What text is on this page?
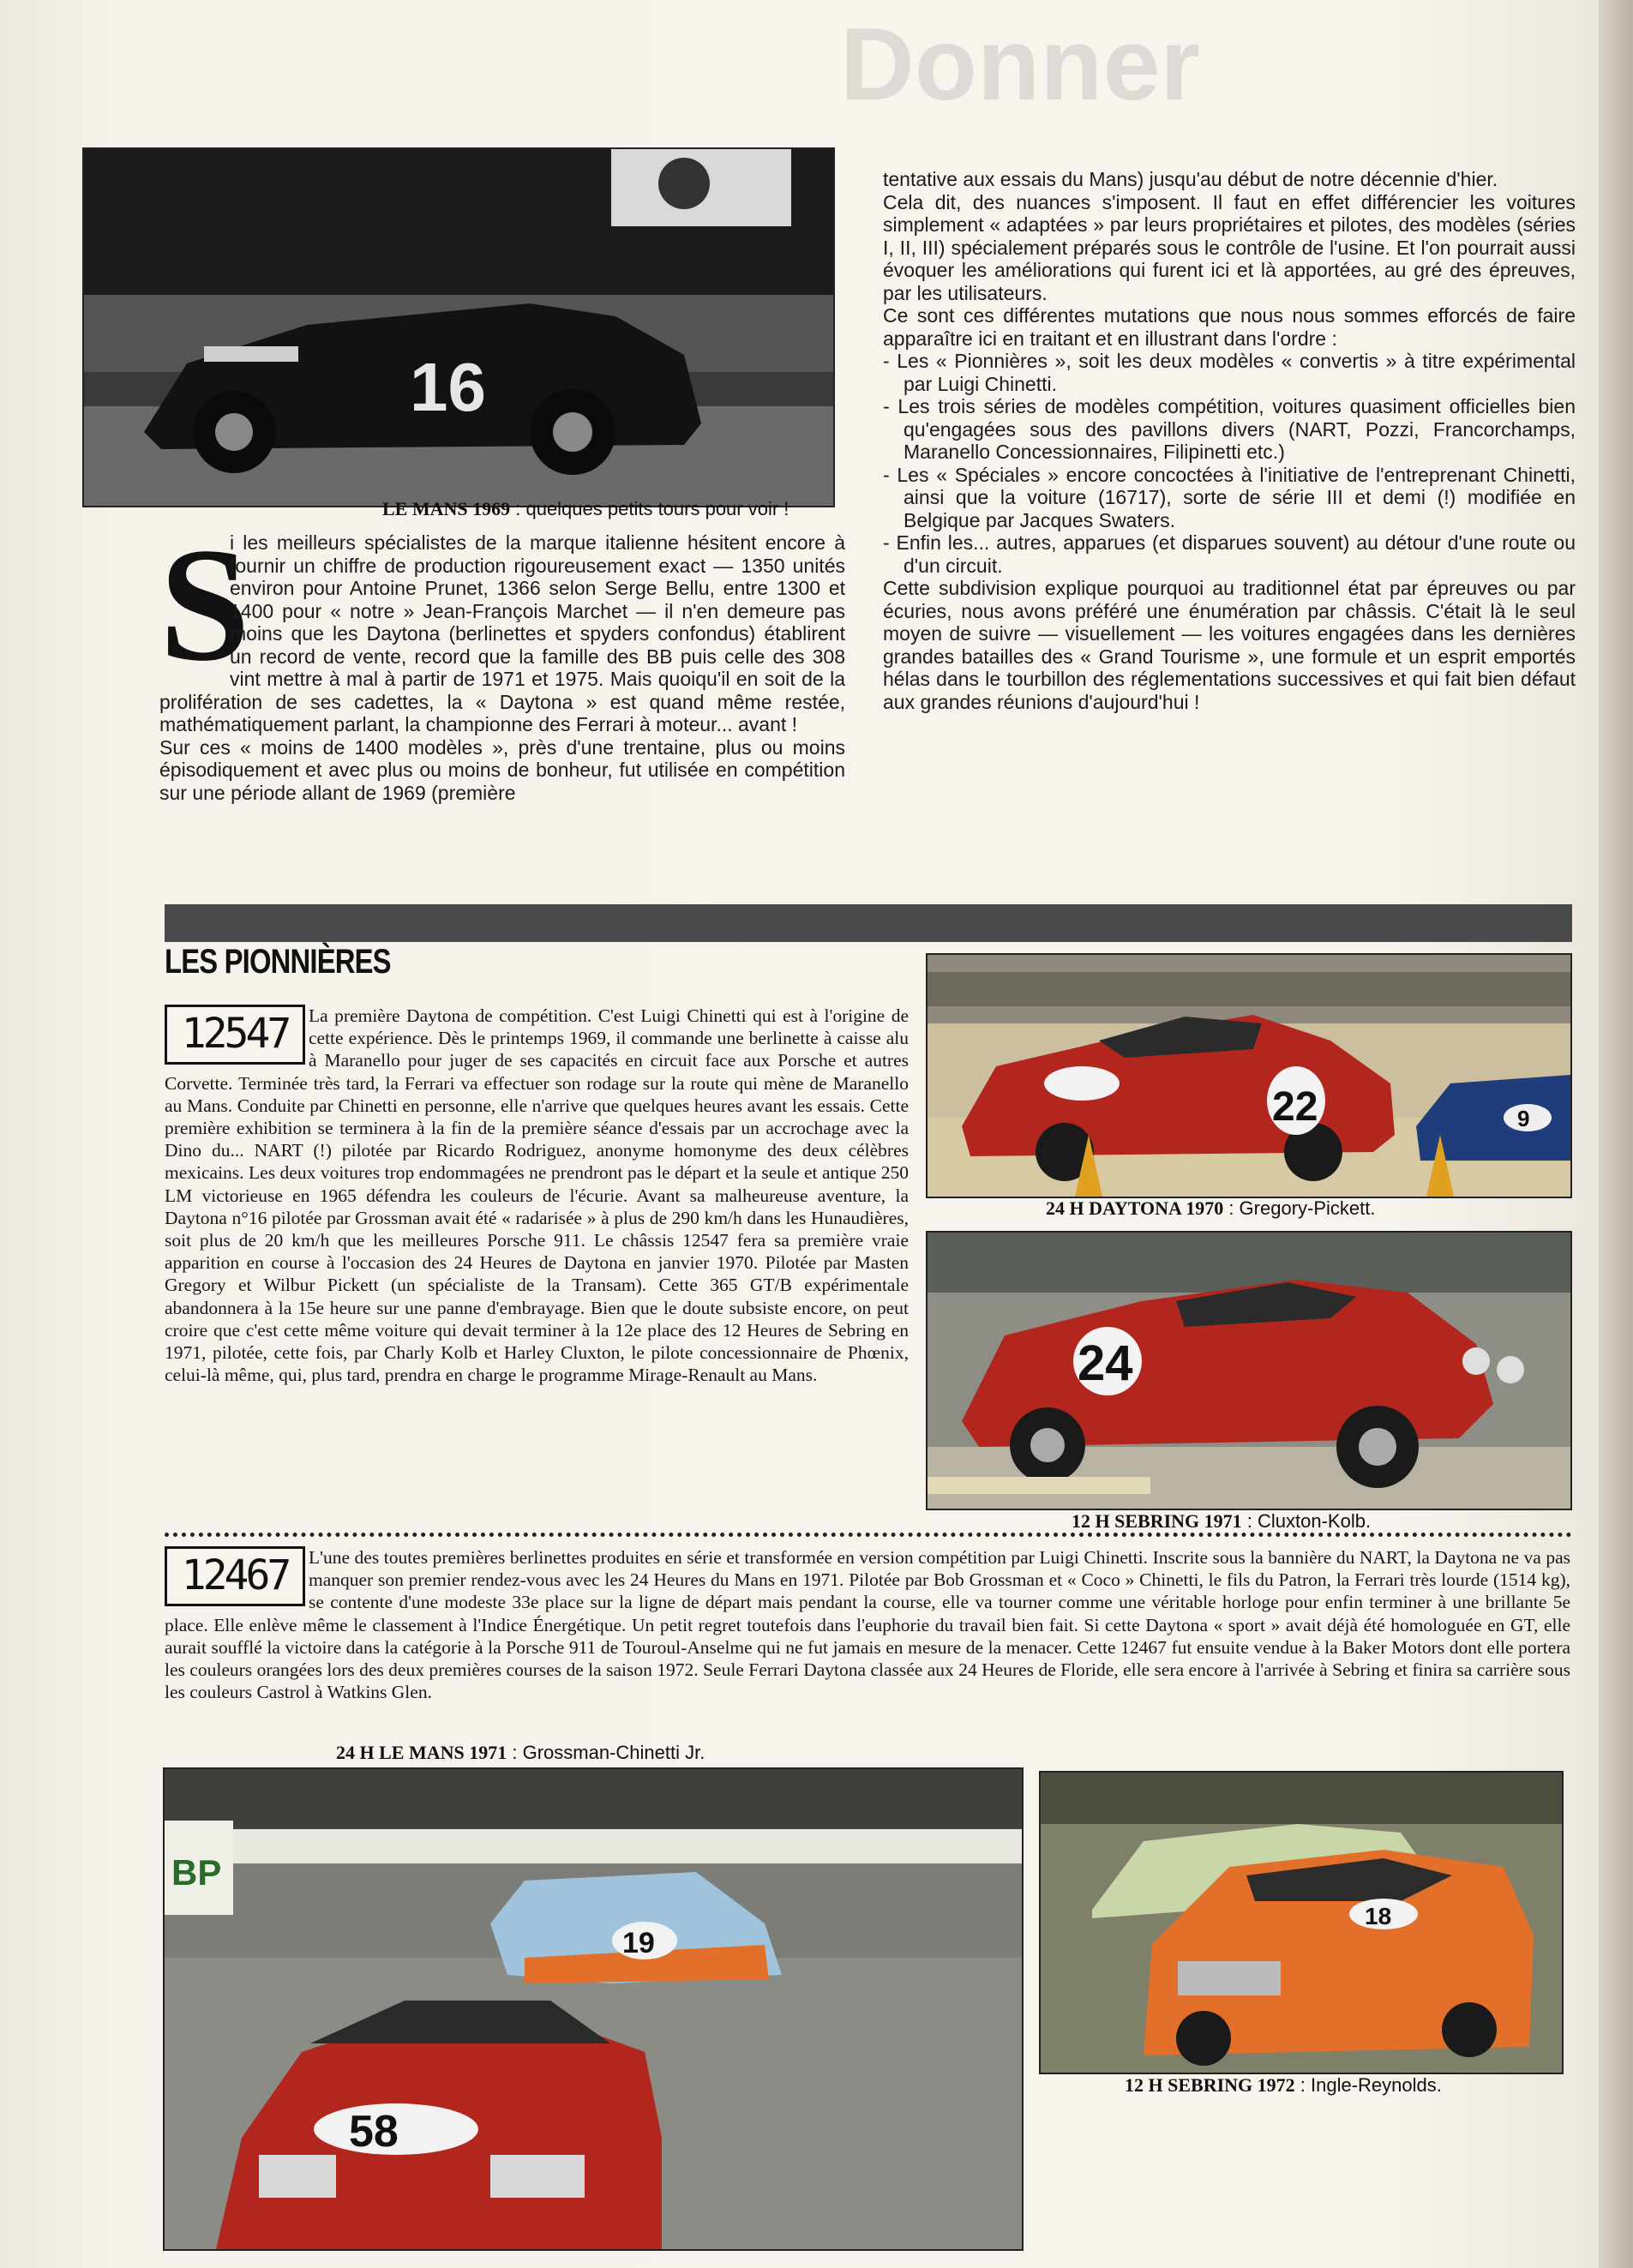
Donner
16
LE MANS 1969 : quelques petits tours pour voir !
S

i les meilleurs spécialistes de la marque italienne hésitent encore à fournir un chiffre de production rigoureusement exact — 1350 unités environ pour Antoine Prunet, 1366 selon Serge Bellu, entre 1300 et 1400 pour « notre » Jean-François Marchet — il n'en demeure pas moins que les Daytona (berlinettes et spyders confondus) établirent un record de vente, record que la famille des BB puis celle des 308 vint mettre à mal à partir de 1971 et 1975. Mais quoiqu'il en soit de la prolifération de ses cadettes, la « Daytona » est quand même restée, mathématiquement parlant, la championne des Ferrari à moteur... avant !

Sur ces « moins de 1400 modèles », près d'une trentaine, plus ou moins épisodiquement et avec plus ou moins de bonheur, fut utilisée en compétition sur une période allant de 1969 (première

tentative aux essais du Mans) jusqu'au début de notre décennie d'hier.

Cela dit, des nuances s'imposent. Il faut en effet différencier les voitures simplement « adaptées » par leurs propriétaires et pilotes, des modèles (séries I, II, III) spécialement préparés sous le contrôle de l'usine. Et l'on pourrait aussi évoquer les améliorations qui furent ici et là apportées, au gré des épreuves, par les utilisateurs.

Ce sont ces différentes mutations que nous nous sommes efforcés de faire apparaître ici en traitant et en illustrant dans l'ordre :

- Les « Pionnières », soit les deux modèles « convertis » à titre expérimental par Luigi Chinetti.

- Les trois séries de modèles compétition, voitures quasiment officielles bien qu'engagées sous des pavillons divers (NART, Pozzi, Francorchamps, Maranello Concessionnaires, Filipinetti etc.)

- Les « Spéciales » encore concoctées à l'initiative de l'entreprenant Chinetti, ainsi que la voiture (16717), sorte de série III et demi (!) modifiée en Belgique par Jacques Swaters.

- Enfin les... autres, apparues (et disparues souvent) au détour d'une route ou d'un circuit.

Cette subdivision explique pourquoi au traditionnel état par épreuves ou par écuries, nous avons préféré une énumération par châssis. C'était là le seul moyen de suivre — visuellement — les voitures engagées dans les dernières grandes batailles des « Grand Tourisme », une formule et un esprit emportés hélas dans le tourbillon des réglementations successives et qui fait bien défaut aux grandes réunions d'aujourd'hui !

LES PIONNIÈRES
12547	La première Daytona de compétition. C'est Luigi Chinetti qui est à l'origine de cette expérience. Dès le printemps 1969, il commande une berlinette à caisse alu à Maranello pour juger de ses capacités en circuit face aux Porsche et autres Corvette. Terminée très tard, la Ferrari va effectuer son rodage sur la route qui mène de Maranello au Mans. Conduite par Chinetti en personne, elle n'arrive que quelques heures avant les essais. Cette première exhibition se terminera à la fin de la première séance d'essais par un accrochage avec la Dino du... NART (!) pilotée par Ricardo Rodriguez, anonyme homonyme des deux célèbres mexicains. Les deux voitures trop endommagées ne prendront pas le départ et la seule et antique 250 LM victorieuse en 1965 défendra les couleurs de l'écurie. Avant sa malheureuse aventure, la Daytona n°16 pilotée par Grossman avait été « radarisée » à plus de 290 km/h dans les Hunaudières, soit plus de 20 km/h que les meilleures Porsche 911. Le châssis 12547 fera sa première vraie apparition en course à l'occasion des 24 Heures de Daytona en janvier 1970. Pilotée par Masten Gregory et Wilbur Pickett (un spécialiste de la Transam). Cette 365 GT/B expérimentale abandonnera à la 15e heure sur une panne d'embrayage. Bien que le doute subsiste encore, on peut croire que c'est cette même voiture qui devait terminer à la 12e place des 12 Heures de Sebring en 1971, pilotée, cette fois, par Charly Kolb et Harley Cluxton, le pilote concessionnaire de Phœnix, celui-là même, qui, plus tard, prendra en charge le programme Mirage-Renault au Mans.

22	9
24 H DAYTONA 1970 : Gregory-Pickett.
24
12 H SEBRING 1971 : Cluxton-Kolb.
12467	L'une des toutes premières berlinettes produites en série et transformée en version compétition par Luigi Chinetti. Inscrite sous la bannière du NART, la Daytona ne va pas manquer son premier rendez-vous avec les 24 Heures du Mans en 1971. Pilotée par Bob Grossman et « Coco » Chinetti, le fils du Patron, la Ferrari très lourde (1514 kg), se contente d'une modeste 33e place sur la ligne de départ mais pendant la course, elle va tourner comme une véritable horloge pour enfin terminer à une brillante 5e place. Elle enlève même le classement à l'Indice Énergétique. Un petit regret toutefois dans l'euphorie du travail bien fait. Si cette Daytona « sport » avait déjà été homologuée en GT, elle aurait soufflé la victoire dans la catégorie à la Porsche 911 de Touroul-Anselme qui ne fut jamais en mesure de la menacer. Cette 12467 fut ensuite vendue à la Baker Motors dont elle portera les couleurs orangées lors des deux premières courses de la saison 1972. Seule Ferrari Daytona classée aux 24 Heures de Floride, elle sera encore à l'arrivée à Sebring et finira sa carrière sous les couleurs Castrol à Watkins Glen.

24 H LE MANS 1971 : Grossman-Chinetti Jr.
BP
19
58
18
12 H SEBRING 1972 : Ingle-Reynolds.
